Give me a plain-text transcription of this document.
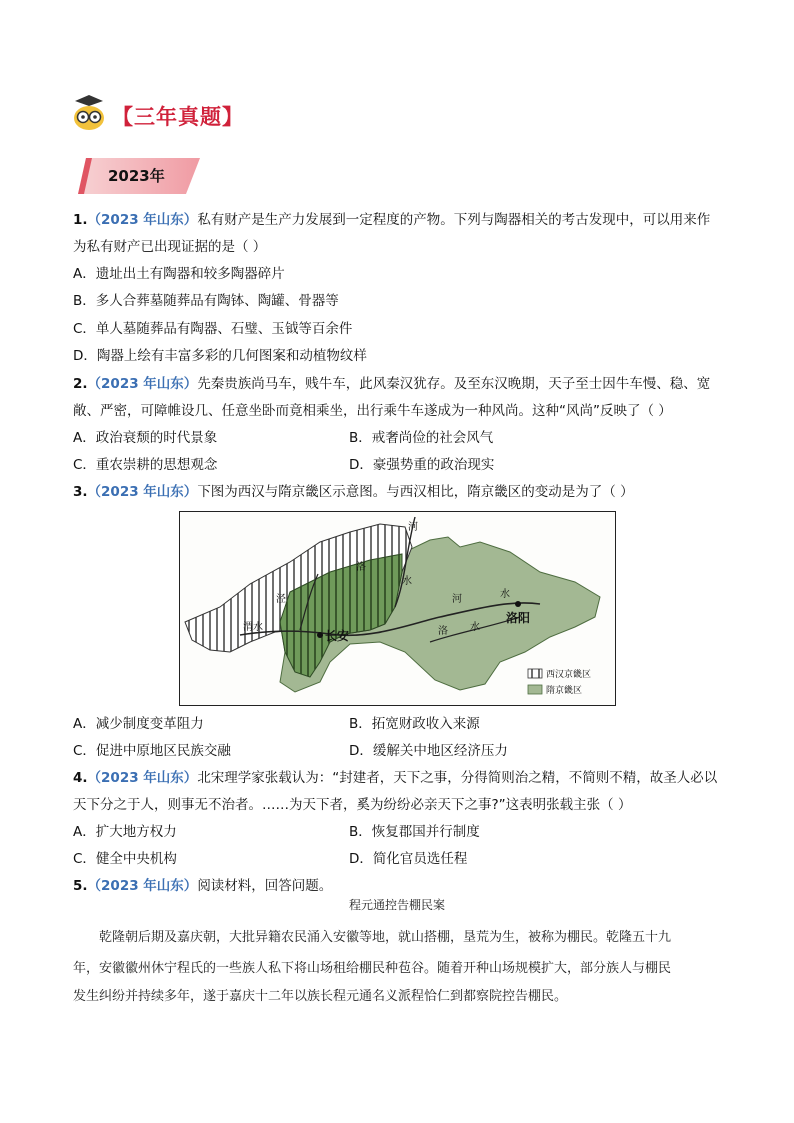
【三年真题】
2023年
1.（2023 年山东）私有财产是生产力发展到一定程度的产物。下列与陶器相关的考古发现中，可以用来作
为私有财产已出现证据的是（ ）
A．遗址出土有陶器和较多陶器碎片
B．多人合葬墓随葬品有陶钵、陶罐、骨器等
C．单人墓随葬品有陶器、石璧、玉钺等百余件
D．陶器上绘有丰富多彩的几何图案和动植物纹样
2.（2023 年山东）先秦贵族尚马车，贱牛车，此风秦汉犹存。及至东汉晚期，天子至士因牛车慢、稳、宽
敞、严密，可障帷设几、任意坐卧而竟相乘坐，出行乘牛车遂成为一种风尚。这种“风尚”反映了（ ）
A．政治衰颓的时代景象	B．戒奢尚俭的社会风气
C．重农崇耕的思想观念	D．豪强势重的政治现实
3.（2023 年山东）下图为西汉与隋京畿区示意图。与西汉相比，隋京畿区的变动是为了（ ）
河
洛
泾
渭水
水
河	水
洛 水
长安
洛阳
西汉京畿区
隋京畿区
A．减少制度变革阻力	B．拓宽财政收入来源
C．促进中原地区民族交融	D．缓解关中地区经济压力
4.（2023 年山东）北宋理学家张载认为：“封建者，天下之事，分得简则治之精，不简则不精，故圣人必以
天下分之于人，则事无不治者。……为天下者，奚为纷纷必亲天下之事?”这表明张载主张（ ）
A．扩大地方权力	B．恢复郡国并行制度
C．健全中央机构	D．简化官员选任程
5.（2023 年山东）阅读材料，回答问题。
程元通控告棚民案
乾隆朝后期及嘉庆朝，大批异籍农民涌入安徽等地，就山搭棚，垦荒为生，被称为棚民。乾隆五十九
年，安徽徽州休宁程氏的一些族人私下将山场租给棚民种苞谷。随着开种山场规模扩大，部分族人与棚民
发生纠纷并持续多年，遂于嘉庆十二年以族长程元通名义派程恰仁到都察院控告棚民。
